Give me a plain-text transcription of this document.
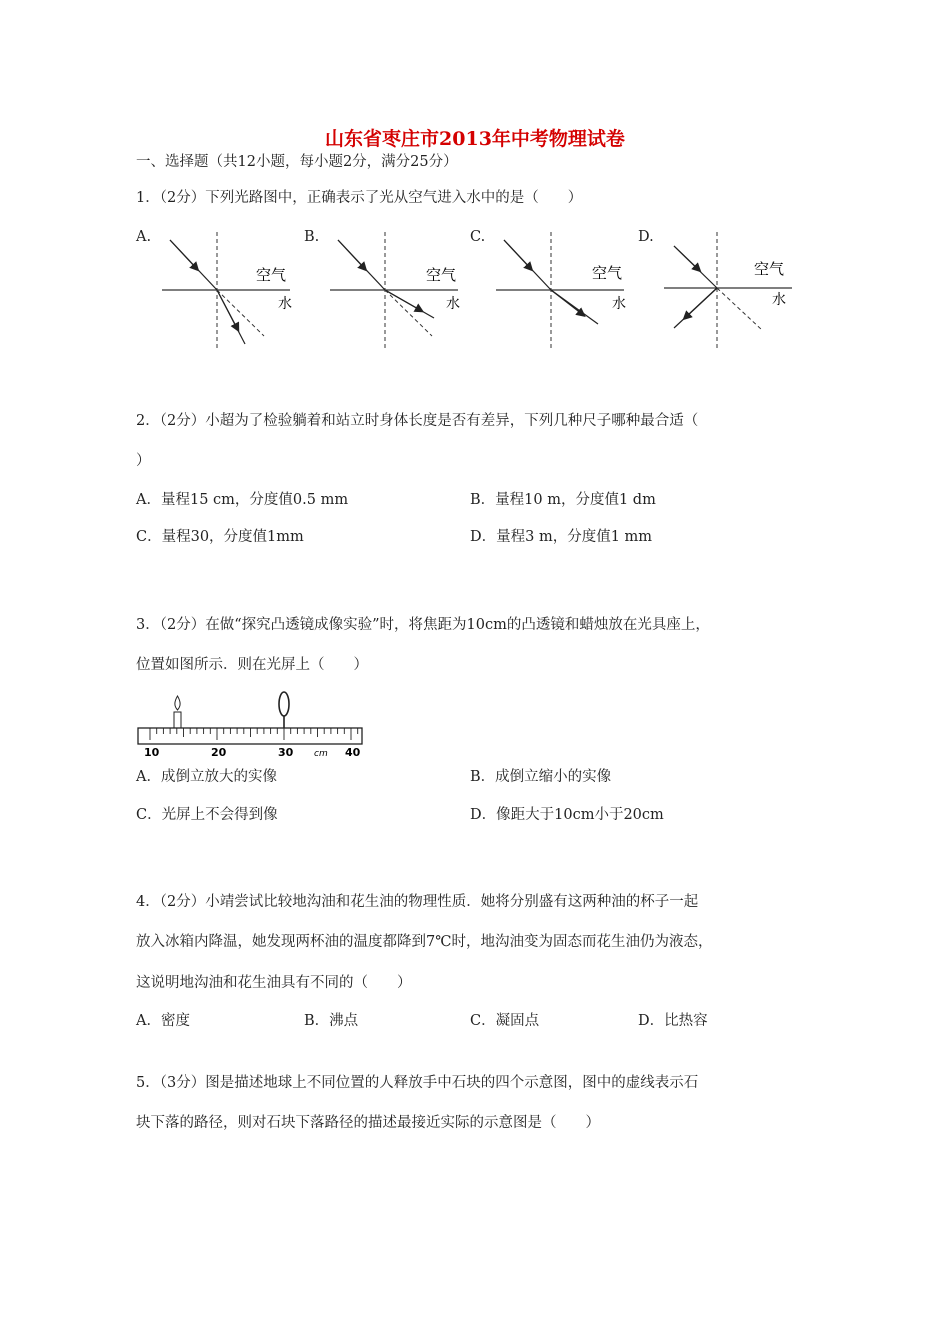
山东省枣庄市2013年中考物理试卷
一、选择题（共12小题，每小题2分，满分25分）
1．（2分）下列光路图中，正确表示了光从空气进入水中的是（　　）
A.
空气
水
B.
空气
水
C.
空气
水
D.
空气
水
2．（2分）小超为了检验躺着和站立时身体长度是否有差异，下列几种尺子哪种最合适（
）
A．量程15 cm，分度值0.5 mm	B．量程10 m，分度值1 dm
C．量程30，分度值1mm	D．量程3 m，分度值1 mm
3．（2分）在做“探究凸透镜成像实验”时，将焦距为10cm的凸透镜和蜡烛放在光具座上，
位置如图所示．则在光屏上（　　）
10	20	30 cm 40
A．成倒立放大的实像	B．成倒立缩小的实像
C．光屏上不会得到像	D．像距大于10cm小于20cm
4．（2分）小靖尝试比较地沟油和花生油的物理性质．她将分别盛有这两种油的杯子一起
放入冰箱内降温，她发现两杯油的温度都降到7℃时，地沟油变为固态而花生油仍为液态，
这说明地沟油和花生油具有不同的（　　）
A．密度	B．沸点	C．凝固点	D．比热容
5．（3分）图是描述地球上不同位置的人释放手中石块的四个示意图，图中的虚线表示石
块下落的路径，则对石块下落路径的描述最接近实际的示意图是（　　）
